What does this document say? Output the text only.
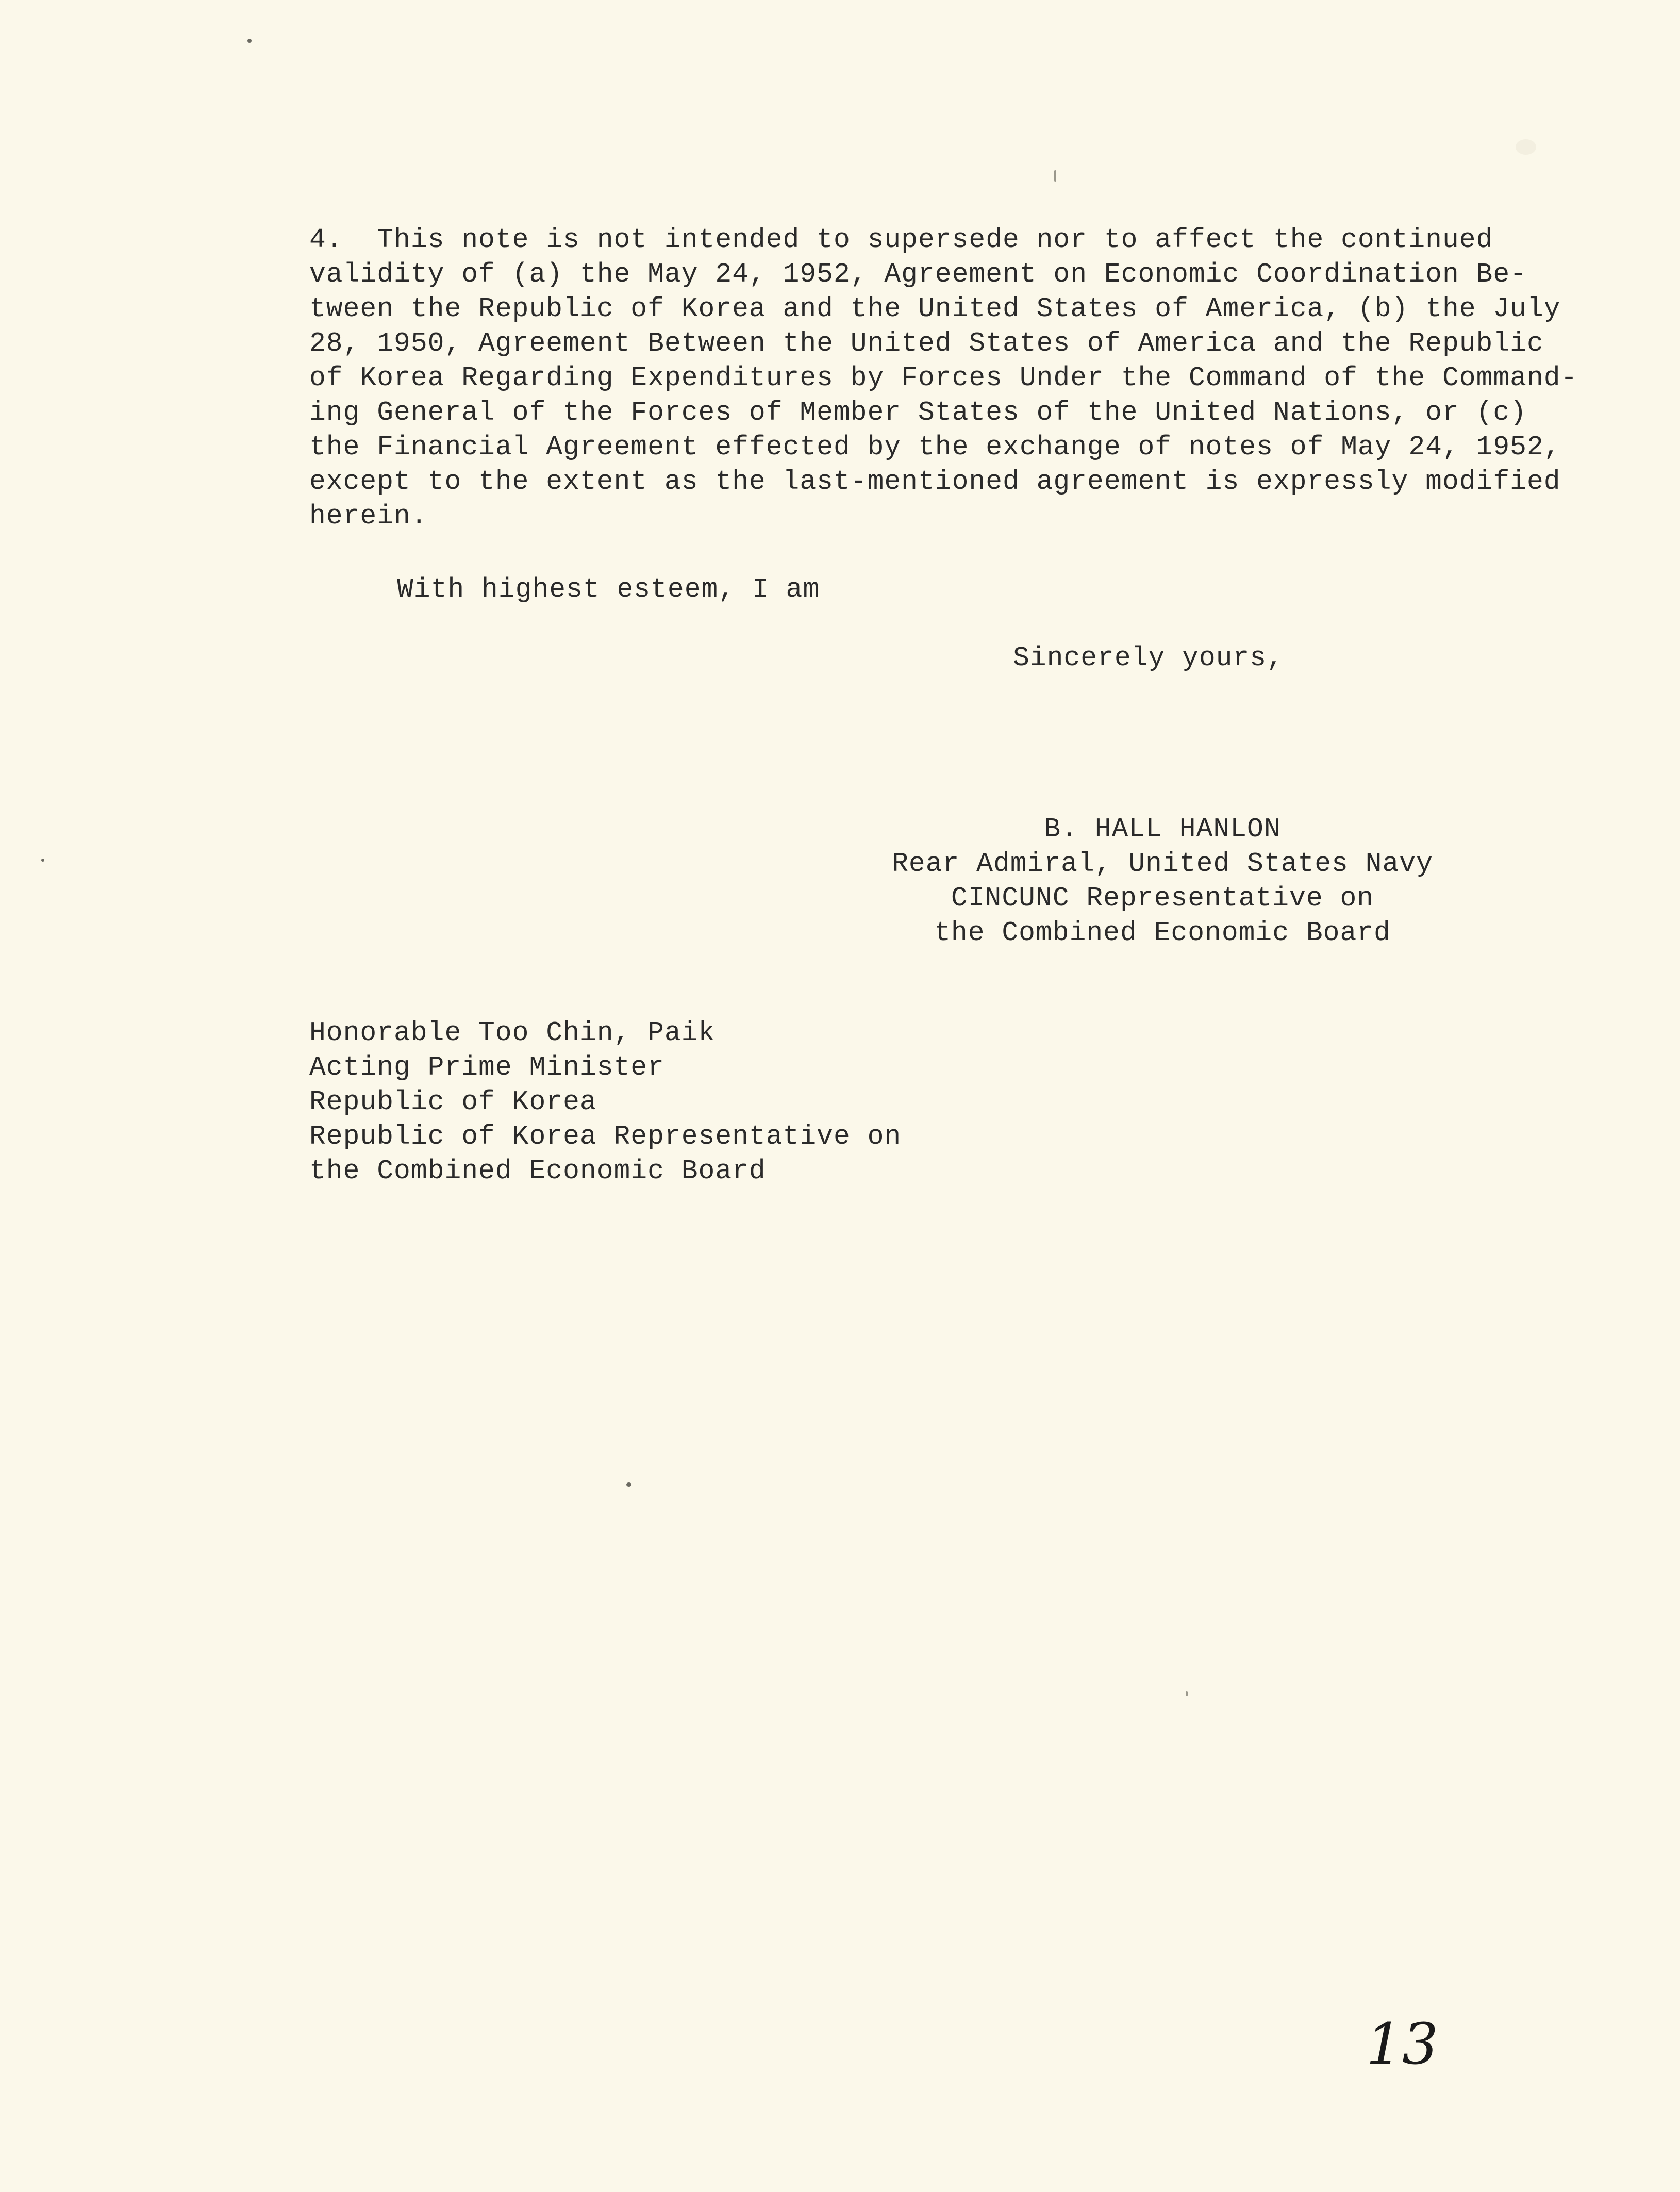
4.  This note is not intended to supersede nor to affect the continued
validity of (a) the May 24, 1952, Agreement on Economic Coordination Be-
tween the Republic of Korea and the United States of America, (b) the July
28, 1950, Agreement Between the United States of America and the Republic
of Korea Regarding Expenditures by Forces Under the Command of the Command-
ing General of the Forces of Member States of the United Nations, or (c)
the Financial Agreement effected by the exchange of notes of May 24, 1952,
except to the extent as the last-mentioned agreement is expressly modified
herein.
With highest esteem, I am
Sincerely yours,
B. HALL HANLON
Rear Admiral, United States Navy
CINCUNC Representative on
the Combined Economic Board
Honorable Too Chin, Paik
Acting Prime Minister
Republic of Korea
Republic of Korea Representative on
the Combined Economic Board
13
